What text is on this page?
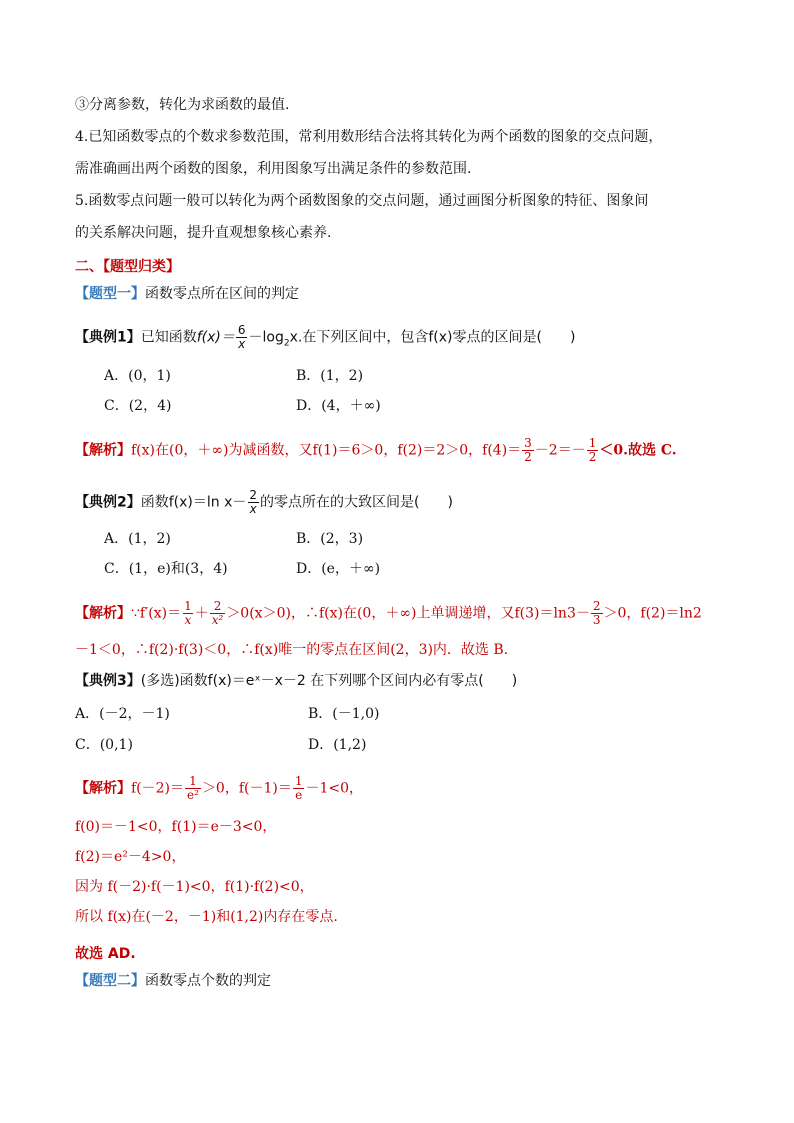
③分离参数，转化为求函数的最值.
4.已知函数零点的个数求参数范围，常利用数形结合法将其转化为两个函数的图象的交点问题，
需准确画出两个函数的图象，利用图象写出满足条件的参数范围.
5.函数零点问题一般可以转化为两个函数图象的交点问题，通过画图分析图象的特征、图象间
的关系解决问题，提升直观想象核心素养.
二、【题型归类】
【题型一】函数零点所在区间的判定
【典例1】已知函数$f(x)= \frac{6}{x} -\log_2x$.在下列区间中，包含f(x)零点的区间是(　　)
A．(0，1)	B．(1，2)
C．(2，4)	D．(4，＋∞)
【解析】f(x)在(0，＋∞)为减函数，又f(1)＝6＞0，f(2)＝2＞0，$f(4)= \frac{3}{2} -2=- \frac{1}{2} <0$.故选 C.
【典例2】函数f(x)＝ln $x- \frac{2}{x}$ 的零点所在的大致区间是(　　)
A．(1，2)	B．(2，3)
C．(1，e)和(3，4)	D．(e，＋∞)
【解析】∵f′(x)＝ $\frac{1}{x} + \frac{2}{\text{x²}} >0(x>0)$，∴f(x)在(0，＋∞)上单调递增，又$f(3)=\ln 3- \frac{2}{3} >0$，f(2)＝ln2
－1＜0，∴f(2)·f(3)＜0，∴f(x)唯一的零点在区间(2，3)内．故选 B.
【典例3】(多选)函数f(x)＝eˣ－x－2 在下列哪个区间内必有零点(　　)
A．(－2，－1)	B．(－1,0)
C．(0,1)	D．(1,2)
【解析】$f(-2)= \frac{1}{\text{e²}} >0$，$f(-1)= \frac{1}{e} -1<0$，
f(0)＝－1<0，f(1)＝e－3<0，
f(2)＝e²－4>0，
因为 f(－2)·f(－1)<0，f(1)·f(2)<0，
所以 f(x)在(－2，－1)和(1,2)内存在零点.
故选 AD.
【题型二】函数零点个数的判定
